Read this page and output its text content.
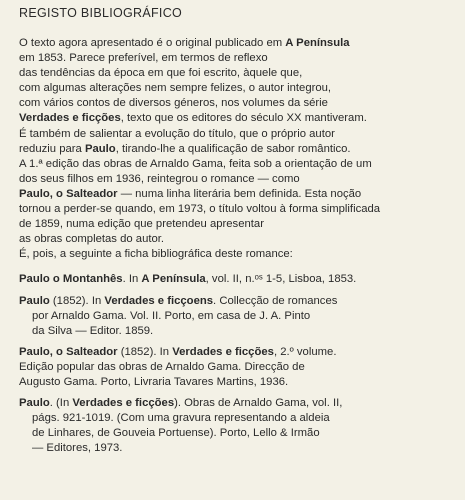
REGISTO BIBLIOGRÁFICO
O texto agora apresentado é o original publicado em A Península
em 1853. Parece preferível, em termos de reflexo
das tendências da época em que foi escrito, àquele que,
com algumas alterações nem sempre felizes, o autor integrou,
com vários contos de diversos géneros, nos volumes da série
Verdades e ficções, texto que os editores do século XX mantiveram.
É também de salientar a evolução do título, que o próprio autor
reduziu para Paulo, tirando-lhe a qualificação de sabor romântico.
A 1.ª edição das obras de Arnaldo Gama, feita sob a orientação de um
dos seus filhos em 1936, reintegrou o romance — como
Paulo, o Salteador — numa linha literária bem definida. Esta noção
tornou a perder-se quando, em 1973, o título voltou à forma simplificada
de 1859, numa edição que pretendeu apresentar
as obras completas do autor.
É, pois, a seguinte a ficha bibliográfica deste romance:
Paulo o Montanhês. In A Península, vol. II, n.ᵒˢ 1-5, Lisboa, 1853.
Paulo (1852). In Verdades e ficçoens. Collecção de romances
por Arnaldo Gama. Vol. II. Porto, em casa de J. A. Pinto
da Silva — Editor. 1859.
Paulo, o Salteador (1852). In Verdades e ficções, 2.º volume.
Edição popular das obras de Arnaldo Gama. Direcção de
Augusto Gama. Porto, Livraria Tavares Martins, 1936.
Paulo. (In Verdades e ficções). Obras de Arnaldo Gama, vol. II,
págs. 921-1019. (Com uma gravura representando a aldeia
de Linhares, de Gouveia Portuense). Porto, Lello & Irmão
— Editores, 1973.
